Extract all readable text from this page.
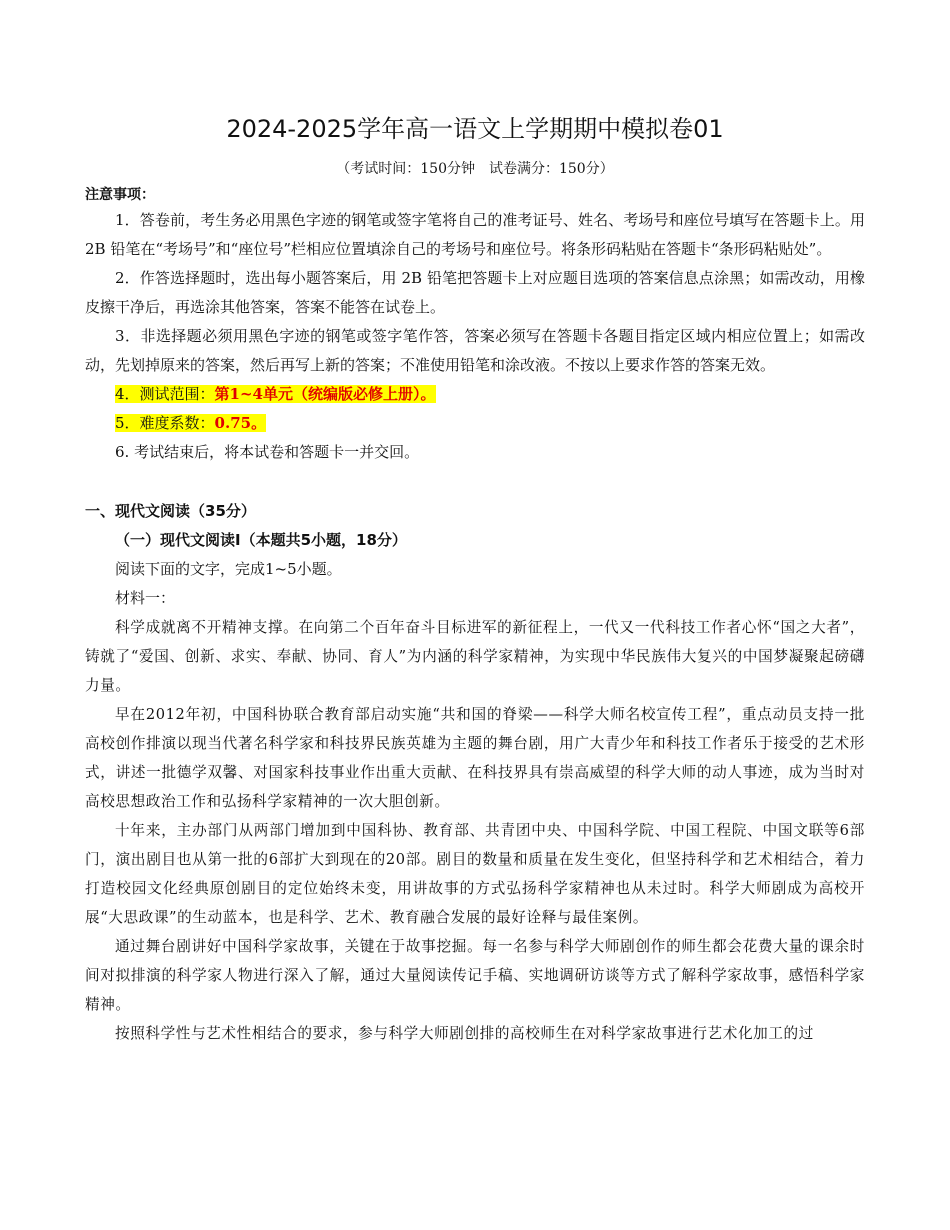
2024-2025学年高一语文上学期期中模拟卷01
（考试时间：150分钟　试卷满分：150分）
注意事项：

1．答卷前，考生务必用黑色字迹的钢笔或签字笔将自己的准考证号、姓名、考场号和座位号填写在答题卡上。用 2B 铅笔在“考场号”和“座位号”栏相应位置填涂自己的考场号和座位号。将条形码粘贴在答题卡“条形码粘贴处”。

2．作答选择题时，选出每小题答案后，用 2B 铅笔把答题卡上对应题目选项的答案信息点涂黑；如需改动，用橡皮擦干净后，再选涂其他答案，答案不能答在试卷上。

3．非选择题必须用黑色字迹的钢笔或签字笔作答，答案必须写在答题卡各题目指定区域内相应位置上；如需改动，先划掉原来的答案，然后再写上新的答案；不准使用铅笔和涂改液。不按以上要求作答的答案无效。

4．测试范围：第1~4单元（统编版必修上册）。

5．难度系数：0.75。

6. 考试结束后，将本试卷和答题卡一并交回。

一、现代文阅读（35分）
（一）现代文阅读Ⅰ（本题共5小题，18分）

阅读下面的文字，完成1~5小题。

材料一：

科学成就离不开精神支撑。在向第二个百年奋斗目标进军的新征程上，一代又一代科技工作者心怀“国之大者”，铸就了“爱国、创新、求实、奉献、协同、育人”为内涵的科学家精神，为实现中华民族伟大复兴的中国梦凝聚起磅礴力量。

早在2012年初，中国科协联合教育部启动实施“共和国的脊梁——科学大师名校宣传工程”，重点动员支持一批高校创作排演以现当代著名科学家和科技界民族英雄为主题的舞台剧，用广大青少年和科技工作者乐于接受的艺术形式，讲述一批德学双馨、对国家科技事业作出重大贡献、在科技界具有崇高威望的科学大师的动人事迹，成为当时对高校思想政治工作和弘扬科学家精神的一次大胆创新。

十年来，主办部门从两部门增加到中国科协、教育部、共青团中央、中国科学院、中国工程院、中国文联等6部门，演出剧目也从第一批的6部扩大到现在的20部。剧目的数量和质量在发生变化，但坚持科学和艺术相结合，着力打造校园文化经典原创剧目的定位始终未变，用讲故事的方式弘扬科学家精神也从未过时。科学大师剧成为高校开展“大思政课”的生动蓝本，也是科学、艺术、教育融合发展的最好诠释与最佳案例。

通过舞台剧讲好中国科学家故事，关键在于故事挖掘。每一名参与科学大师剧创作的师生都会花费大量的课余时间对拟排演的科学家人物进行深入了解，通过大量阅读传记手稿、实地调研访谈等方式了解科学家故事，感悟科学家精神。

按照科学性与艺术性相结合的要求，参与科学大师剧创排的高校师生在对科学家故事进行艺术化加工的过
